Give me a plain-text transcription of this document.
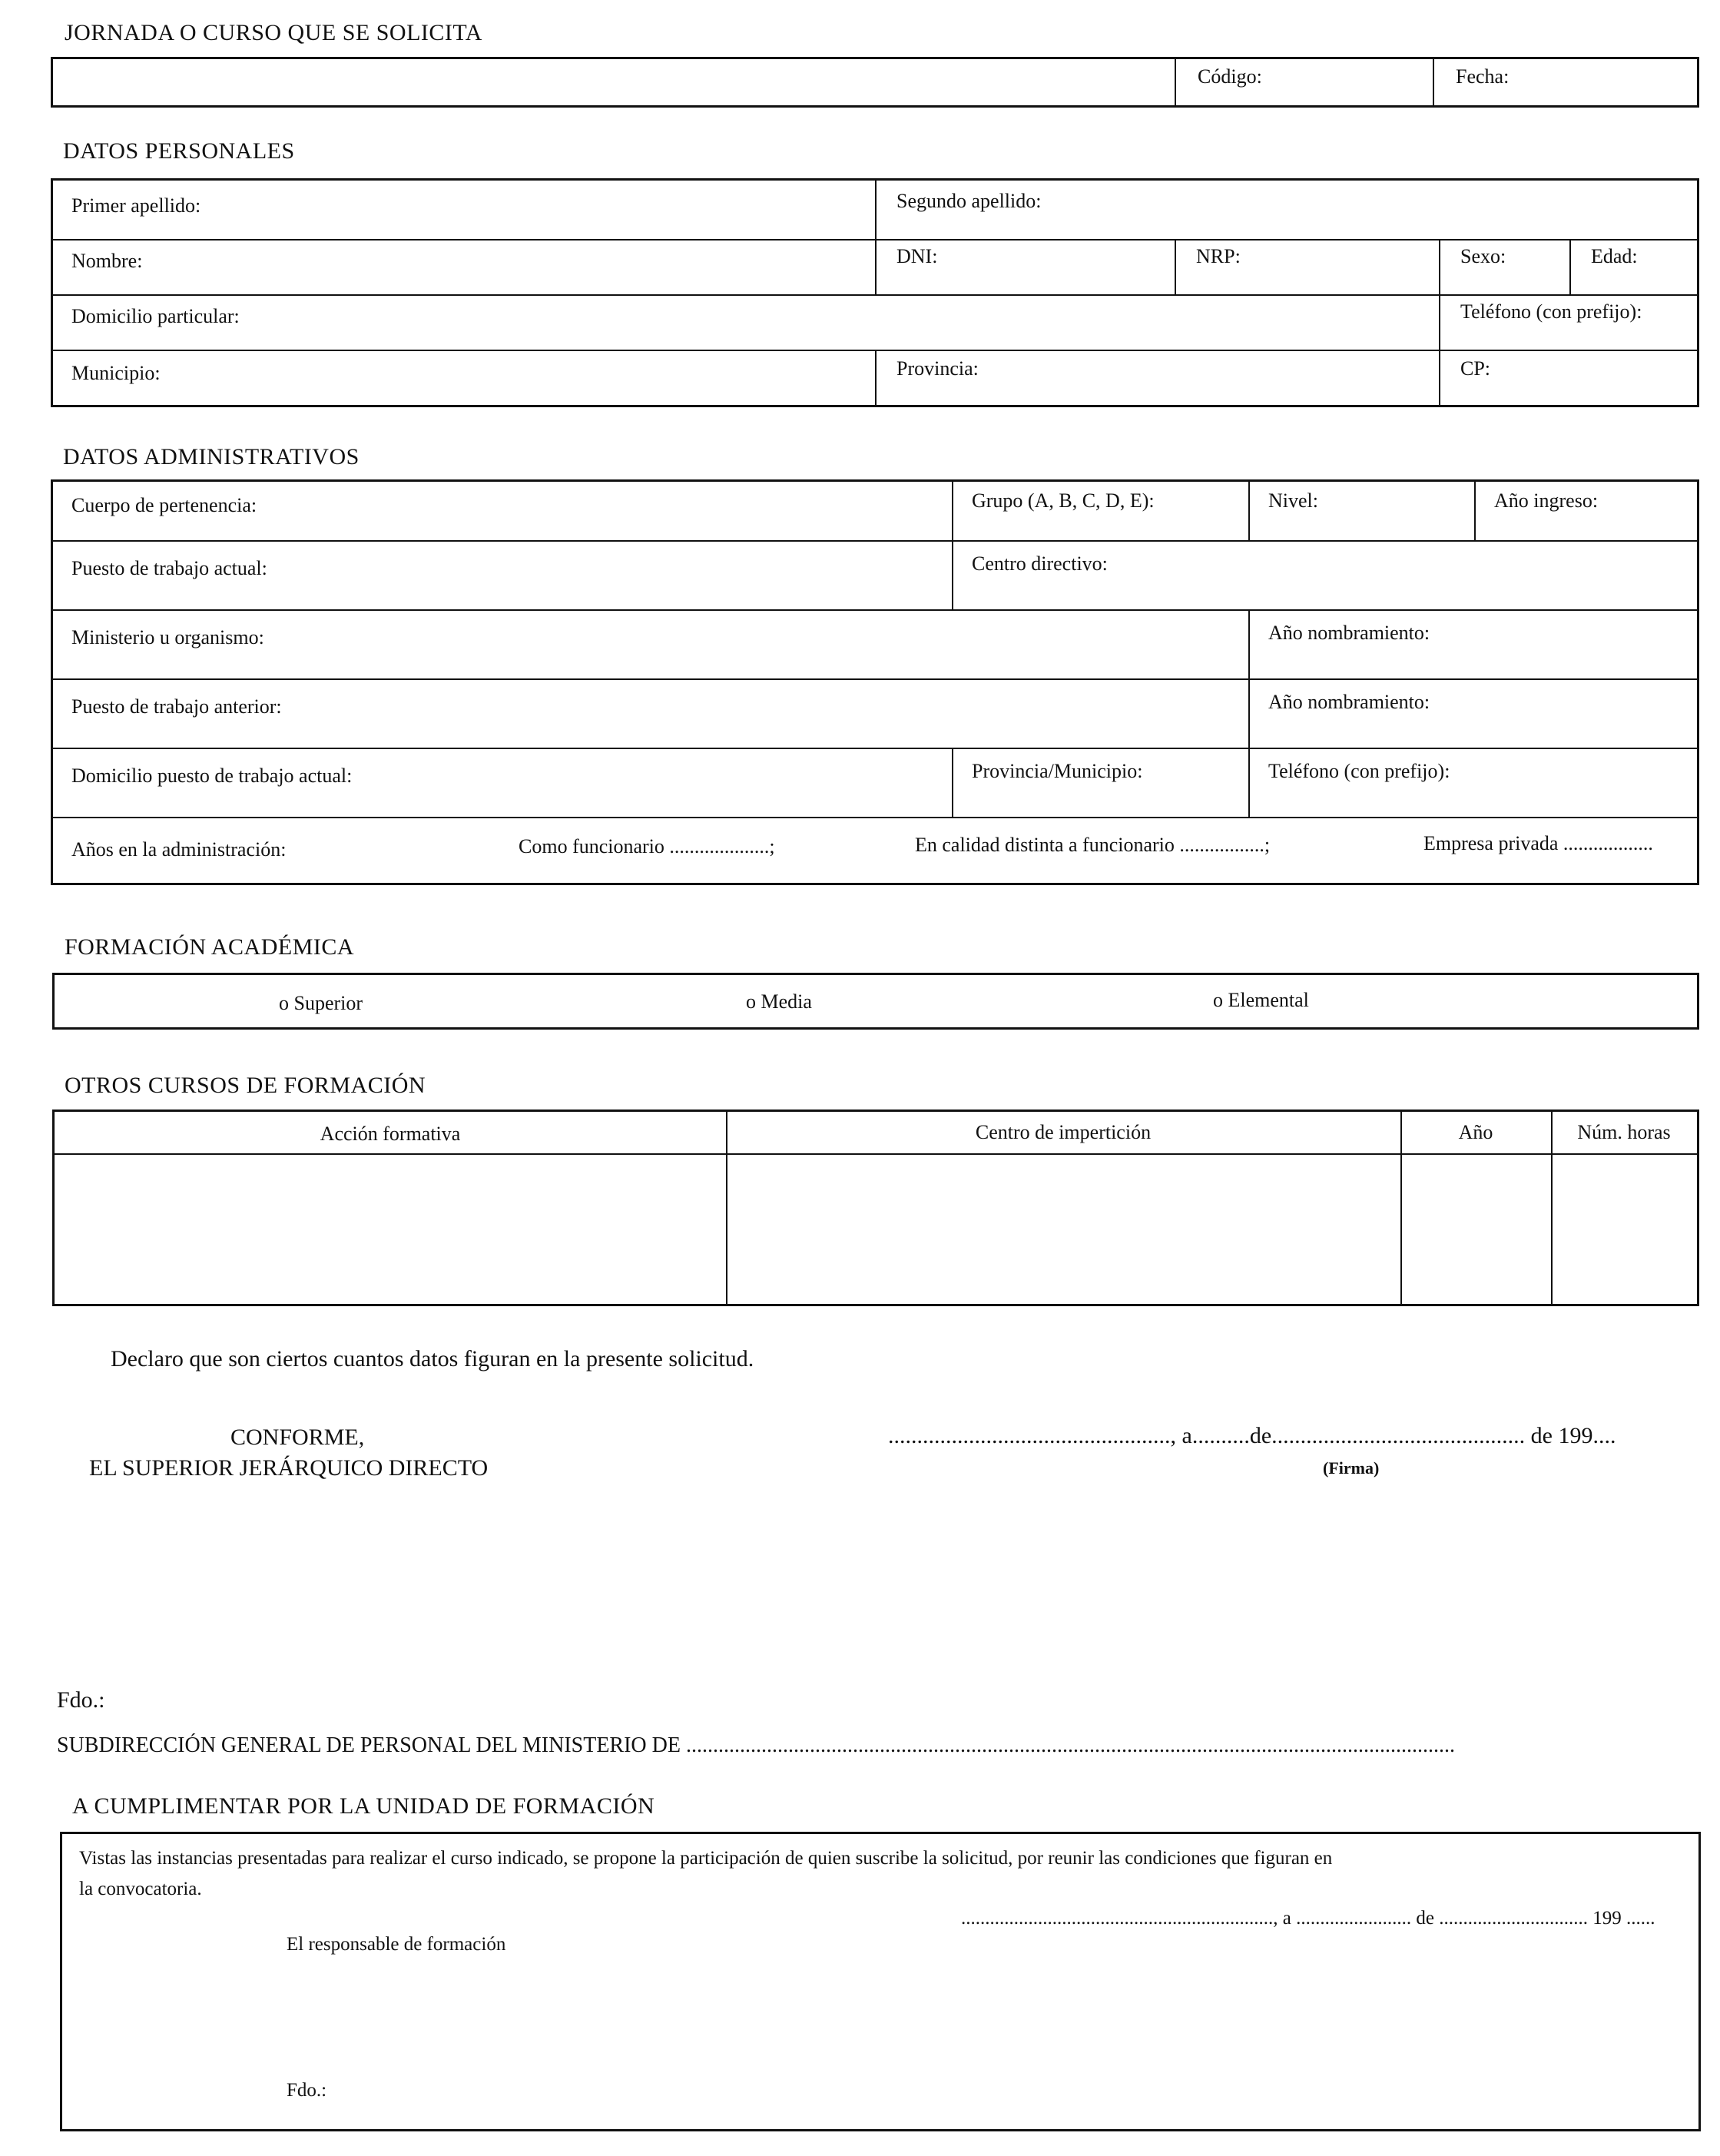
JORNADA O CURSO QUE SE SOLICITA
Código:	Fecha:
DATOS PERSONALES
Primer apellido:	Segundo apellido:
Nombre:	DNI:	NRP:	Sexo:	Edad:
Domicilio particular:	Teléfono (con prefijo):
Municipio:	Provincia:	CP:
DATOS ADMINISTRATIVOS
Cuerpo de pertenencia:	Grupo (A, B, C, D, E):	Nivel:	Año ingreso:
Puesto de trabajo actual:	Centro directivo:
Ministerio u organismo:	Año nombramiento:
Puesto de trabajo anterior:	Año nombramiento:
Domicilio puesto de trabajo actual:	Provincia/Municipio:	Teléfono (con prefijo):
Años en la administración:	Como funcionario ....................;	En calidad distinta a funcionario .................;	Empresa privada ..................
FORMACIÓN ACADÉMICA
o Superior	o Media	o Elemental
OTROS CURSOS DE FORMACIÓN
Acción formativa	Centro de impertición	Año	Núm. horas
Declaro que son ciertos cuantos datos figuran en la presente solicitud.
CONFORME,
EL SUPERIOR JERÁRQUICO DIRECTO
................................................., a..........de............................................ de 199....
(Firma)
Fdo.:
SUBDIRECCIÓN GENERAL DE PERSONAL DEL MINISTERIO DE ...............................................................................................................................................
A CUMPLIMENTAR POR LA UNIDAD DE FORMACIÓN
Vistas las instancias presentadas para realizar el curso indicado, se propone la participación de quien suscribe la solicitud, por reunir las condiciones que figuran en
la convocatoria.
................................................................., a ........................ de ............................... 199 ......
El responsable de formación
Fdo.:
